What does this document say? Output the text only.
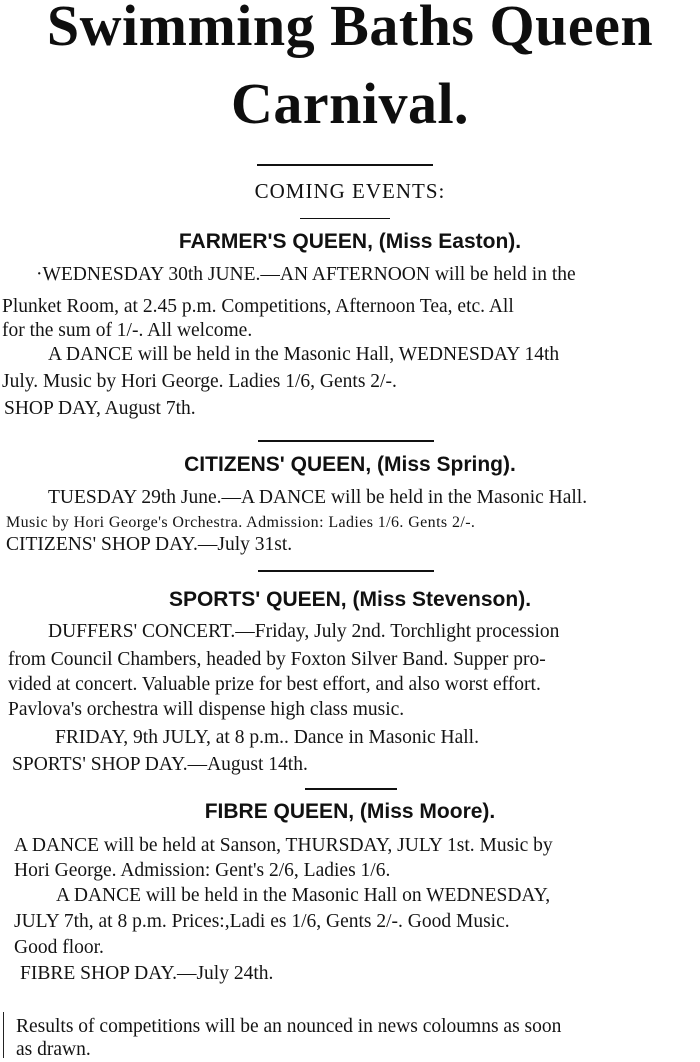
Swimming Baths Queen
Carnival.
COMING EVENTS:
FARMER'S QUEEN, (Miss Easton).
·WEDNESDAY 30th JUNE.—AN AFTERNOON will be held in the
Plunket Room, at 2.45 p.m. Competitions, Afternoon Tea, etc. All
for the sum of 1/-. All welcome.
A DANCE will be held in the Masonic Hall, WEDNESDAY 14th
July. Music by Hori George. Ladies 1/6, Gents 2/-.
SHOP DAY, August 7th.
CITIZENS' QUEEN, (Miss Spring).
TUESDAY 29th June.—A DANCE will be held in the Masonic Hall.
Music by Hori George's Orchestra. Admission: Ladies 1/6. Gents 2/-.
CITIZENS' SHOP DAY.—July 31st.
SPORTS' QUEEN, (Miss Stevenson).
DUFFERS' CONCERT.—Friday, July 2nd. Torchlight procession
from Council Chambers, headed by Foxton Silver Band. Supper pro-
vided at concert. Valuable prize for best effort, and also worst effort.
Pavlova's orchestra will dispense high class music.
FRIDAY, 9th JULY, at 8 p.m.. Dance in Masonic Hall.
SPORTS' SHOP DAY.—August 14th.
FIBRE QUEEN, (Miss Moore).
A DANCE will be held at Sanson, THURSDAY, JULY 1st. Music by
Hori George. Admission: Gent's 2/6, Ladies 1/6.
A DANCE will be held in the Masonic Hall on WEDNESDAY,
JULY 7th, at 8 p.m. Prices:,Ladi es 1/6, Gents 2/-. Good Music.
Good floor.
FIBRE SHOP DAY.—July 24th.
Results of competitions will be an nounced in news coloumns as soon
as drawn.
